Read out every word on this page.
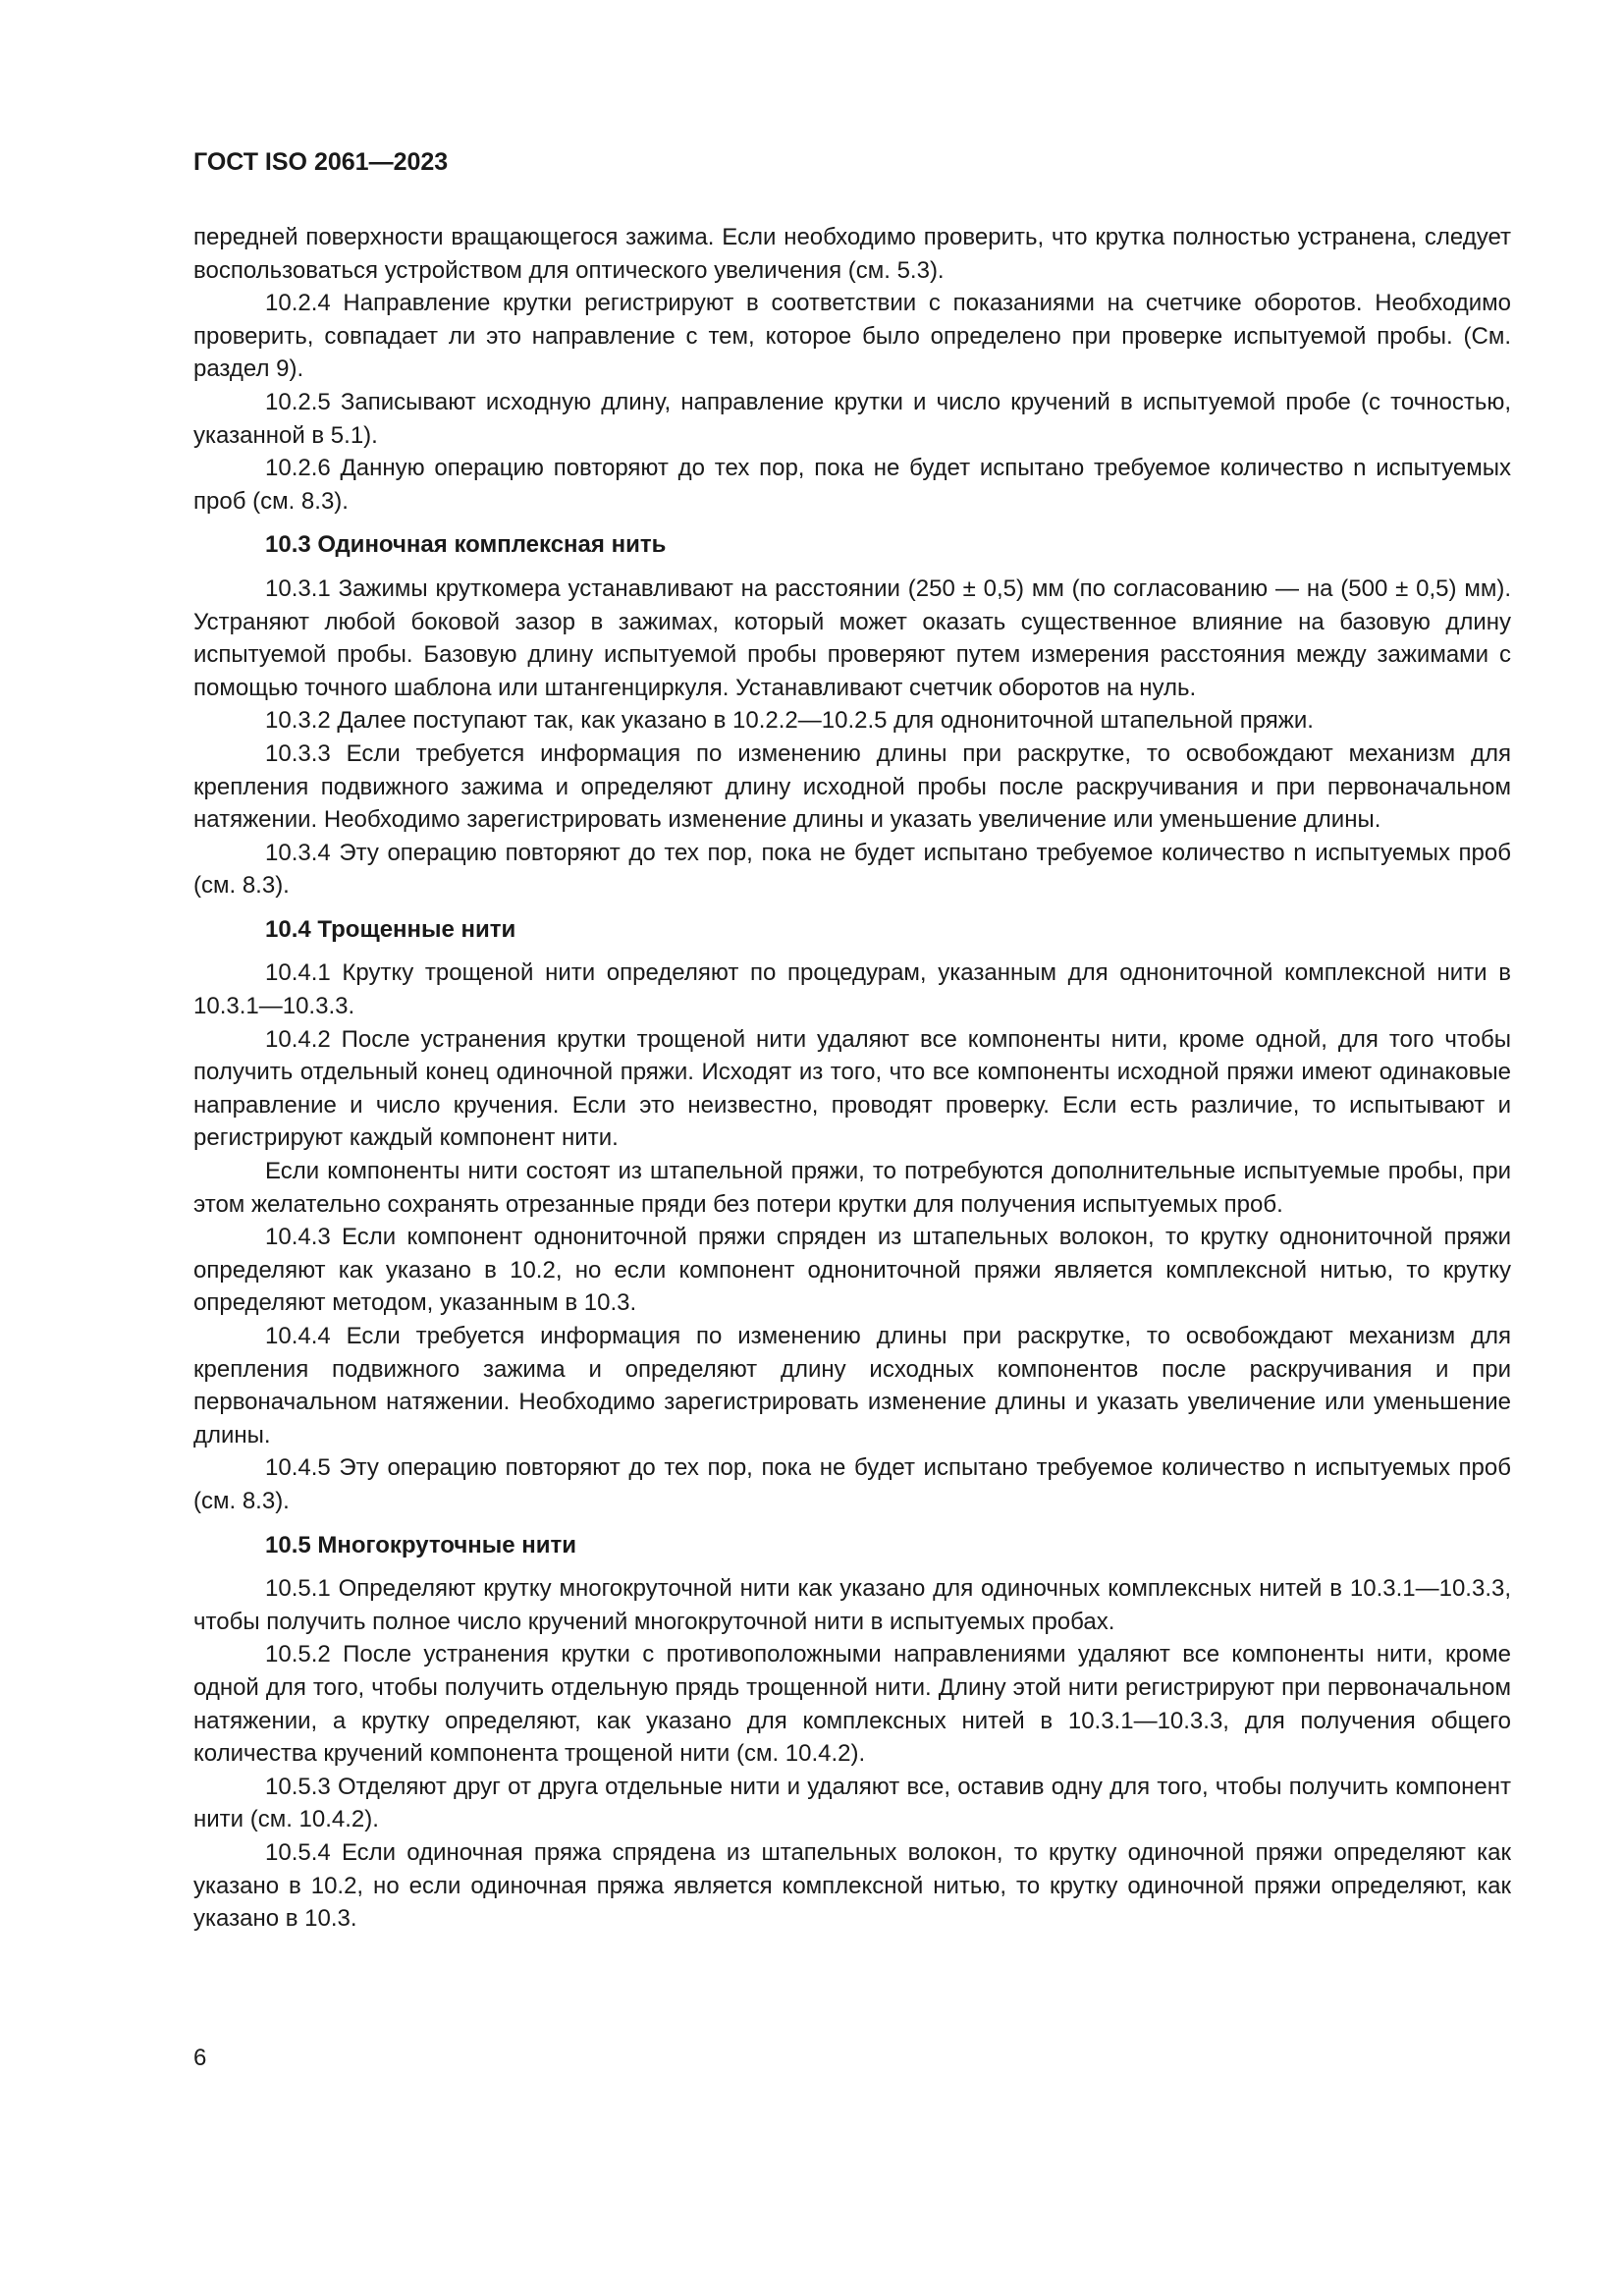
ГОСТ ISO 2061—2023

передней поверхности вращающегося зажима. Если необходимо проверить, что крутка полностью устранена, следует воспользоваться устройством для оптического увеличения (см. 5.3).

10.2.4 Направление крутки регистрируют в соответствии с показаниями на счетчике оборотов. Необходимо проверить, совпадает ли это направление с тем, которое было определено при проверке испытуемой пробы. (См. раздел 9).

10.2.5 Записывают исходную длину, направление крутки и число кручений в испытуемой пробе (с точностью, указанной в 5.1).

10.2.6 Данную операцию повторяют до тех пор, пока не будет испытано требуемое количество n испытуемых проб (см. 8.3).

10.3 Одиночная комплексная нить

10.3.1 Зажимы круткомера устанавливают на расстоянии (250 ± 0,5) мм (по согласованию — на (500 ± 0,5) мм). Устраняют любой боковой зазор в зажимах, который может оказать существенное влияние на базовую длину испытуемой пробы. Базовую длину испытуемой пробы проверяют путем измерения расстояния между зажимами с помощью точного шаблона или штангенциркуля. Устанавливают счетчик оборотов на нуль.

10.3.2 Далее поступают так, как указано в 10.2.2—10.2.5 для однониточной штапельной пряжи.

10.3.3 Если требуется информация по изменению длины при раскрутке, то освобождают механизм для крепления подвижного зажима и определяют длину исходной пробы после раскручивания и при первоначальном натяжении. Необходимо зарегистрировать изменение длины и указать увеличение или уменьшение длины.

10.3.4 Эту операцию повторяют до тех пор, пока не будет испытано требуемое количество n испытуемых проб (см. 8.3).

10.4 Трощенные нити

10.4.1 Крутку трощеной нити определяют по процедурам, указанным для однониточной комплексной нити в 10.3.1—10.3.3.

10.4.2 После устранения крутки трощеной нити удаляют все компоненты нити, кроме одной, для того чтобы получить отдельный конец одиночной пряжи. Исходят из того, что все компоненты исходной пряжи имеют одинаковые направление и число кручения. Если это неизвестно, проводят проверку. Если есть различие, то испытывают и регистрируют каждый компонент нити.

Если компоненты нити состоят из штапельной пряжи, то потребуются дополнительные испытуемые пробы, при этом желательно сохранять отрезанные пряди без потери крутки для получения испытуемых проб.

10.4.3 Если компонент однониточной пряжи спряден из штапельных волокон, то крутку однониточной пряжи определяют как указано в 10.2, но если компонент однониточной пряжи является комплексной нитью, то крутку определяют методом, указанным в 10.3.

10.4.4 Если требуется информация по изменению длины при раскрутке, то освобождают механизм для крепления подвижного зажима и определяют длину исходных компонентов после раскручивания и при первоначальном натяжении. Необходимо зарегистрировать изменение длины и указать увеличение или уменьшение длины.

10.4.5 Эту операцию повторяют до тех пор, пока не будет испытано требуемое количество n испытуемых проб (см. 8.3).

10.5 Многокруточные нити

10.5.1 Определяют крутку многокруточной нити как указано для одиночных комплексных нитей в 10.3.1—10.3.3, чтобы получить полное число кручений многокруточной нити в испытуемых пробах.

10.5.2 После устранения крутки с противоположными направлениями удаляют все компоненты нити, кроме одной для того, чтобы получить отдельную прядь трощенной нити. Длину этой нити регистрируют при первоначальном натяжении, а крутку определяют, как указано для комплексных нитей в 10.3.1—10.3.3, для получения общего количества кручений компонента трощеной нити (см. 10.4.2).

10.5.3 Отделяют друг от друга отдельные нити и удаляют все, оставив одну для того, чтобы получить компонент нити (см. 10.4.2).

10.5.4 Если одиночная пряжа спрядена из штапельных волокон, то крутку одиночной пряжи определяют как указано в 10.2, но если одиночная пряжа является комплексной нитью, то крутку одиночной пряжи определяют, как указано в 10.3.

6
